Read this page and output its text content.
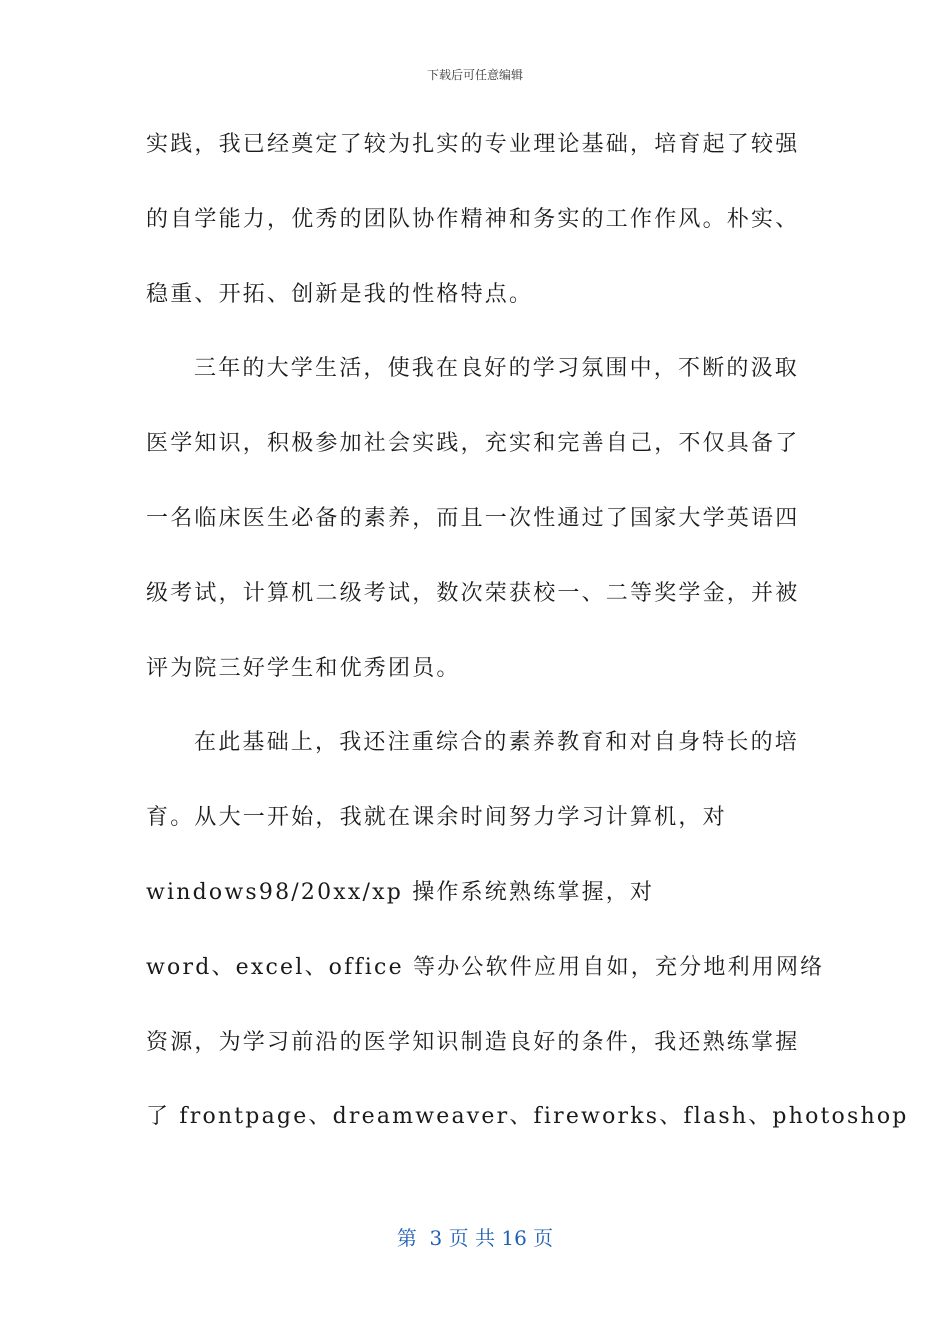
下载后可任意编辑
实践，我已经奠定了较为扎实的专业理论基础，培育起了较强
的自学能力，优秀的团队协作精神和务实的工作作风。朴实、
稳重、开拓、创新是我的性格特点。
三年的大学生活，使我在良好的学习氛围中，不断的汲取
医学知识，积极参加社会实践，充实和完善自己，不仅具备了
一名临床医生必备的素养，而且一次性通过了国家大学英语四
级考试，计算机二级考试，数次荣获校一、二等奖学金，并被
评为院三好学生和优秀团员。
在此基础上，我还注重综合的素养教育和对自身特长的培
育。从大一开始，我就在课余时间努力学习计算机，对
windows98/20xx/xp 操作系统熟练掌握，对
word、excel、office 等办公软件应用自如，充分地利用网络
资源，为学习前沿的医学知识制造良好的条件，我还熟练掌握
了 frontpage、dreamweaver、fireworks、flash、photoshop
第  3 页 共 16 页
